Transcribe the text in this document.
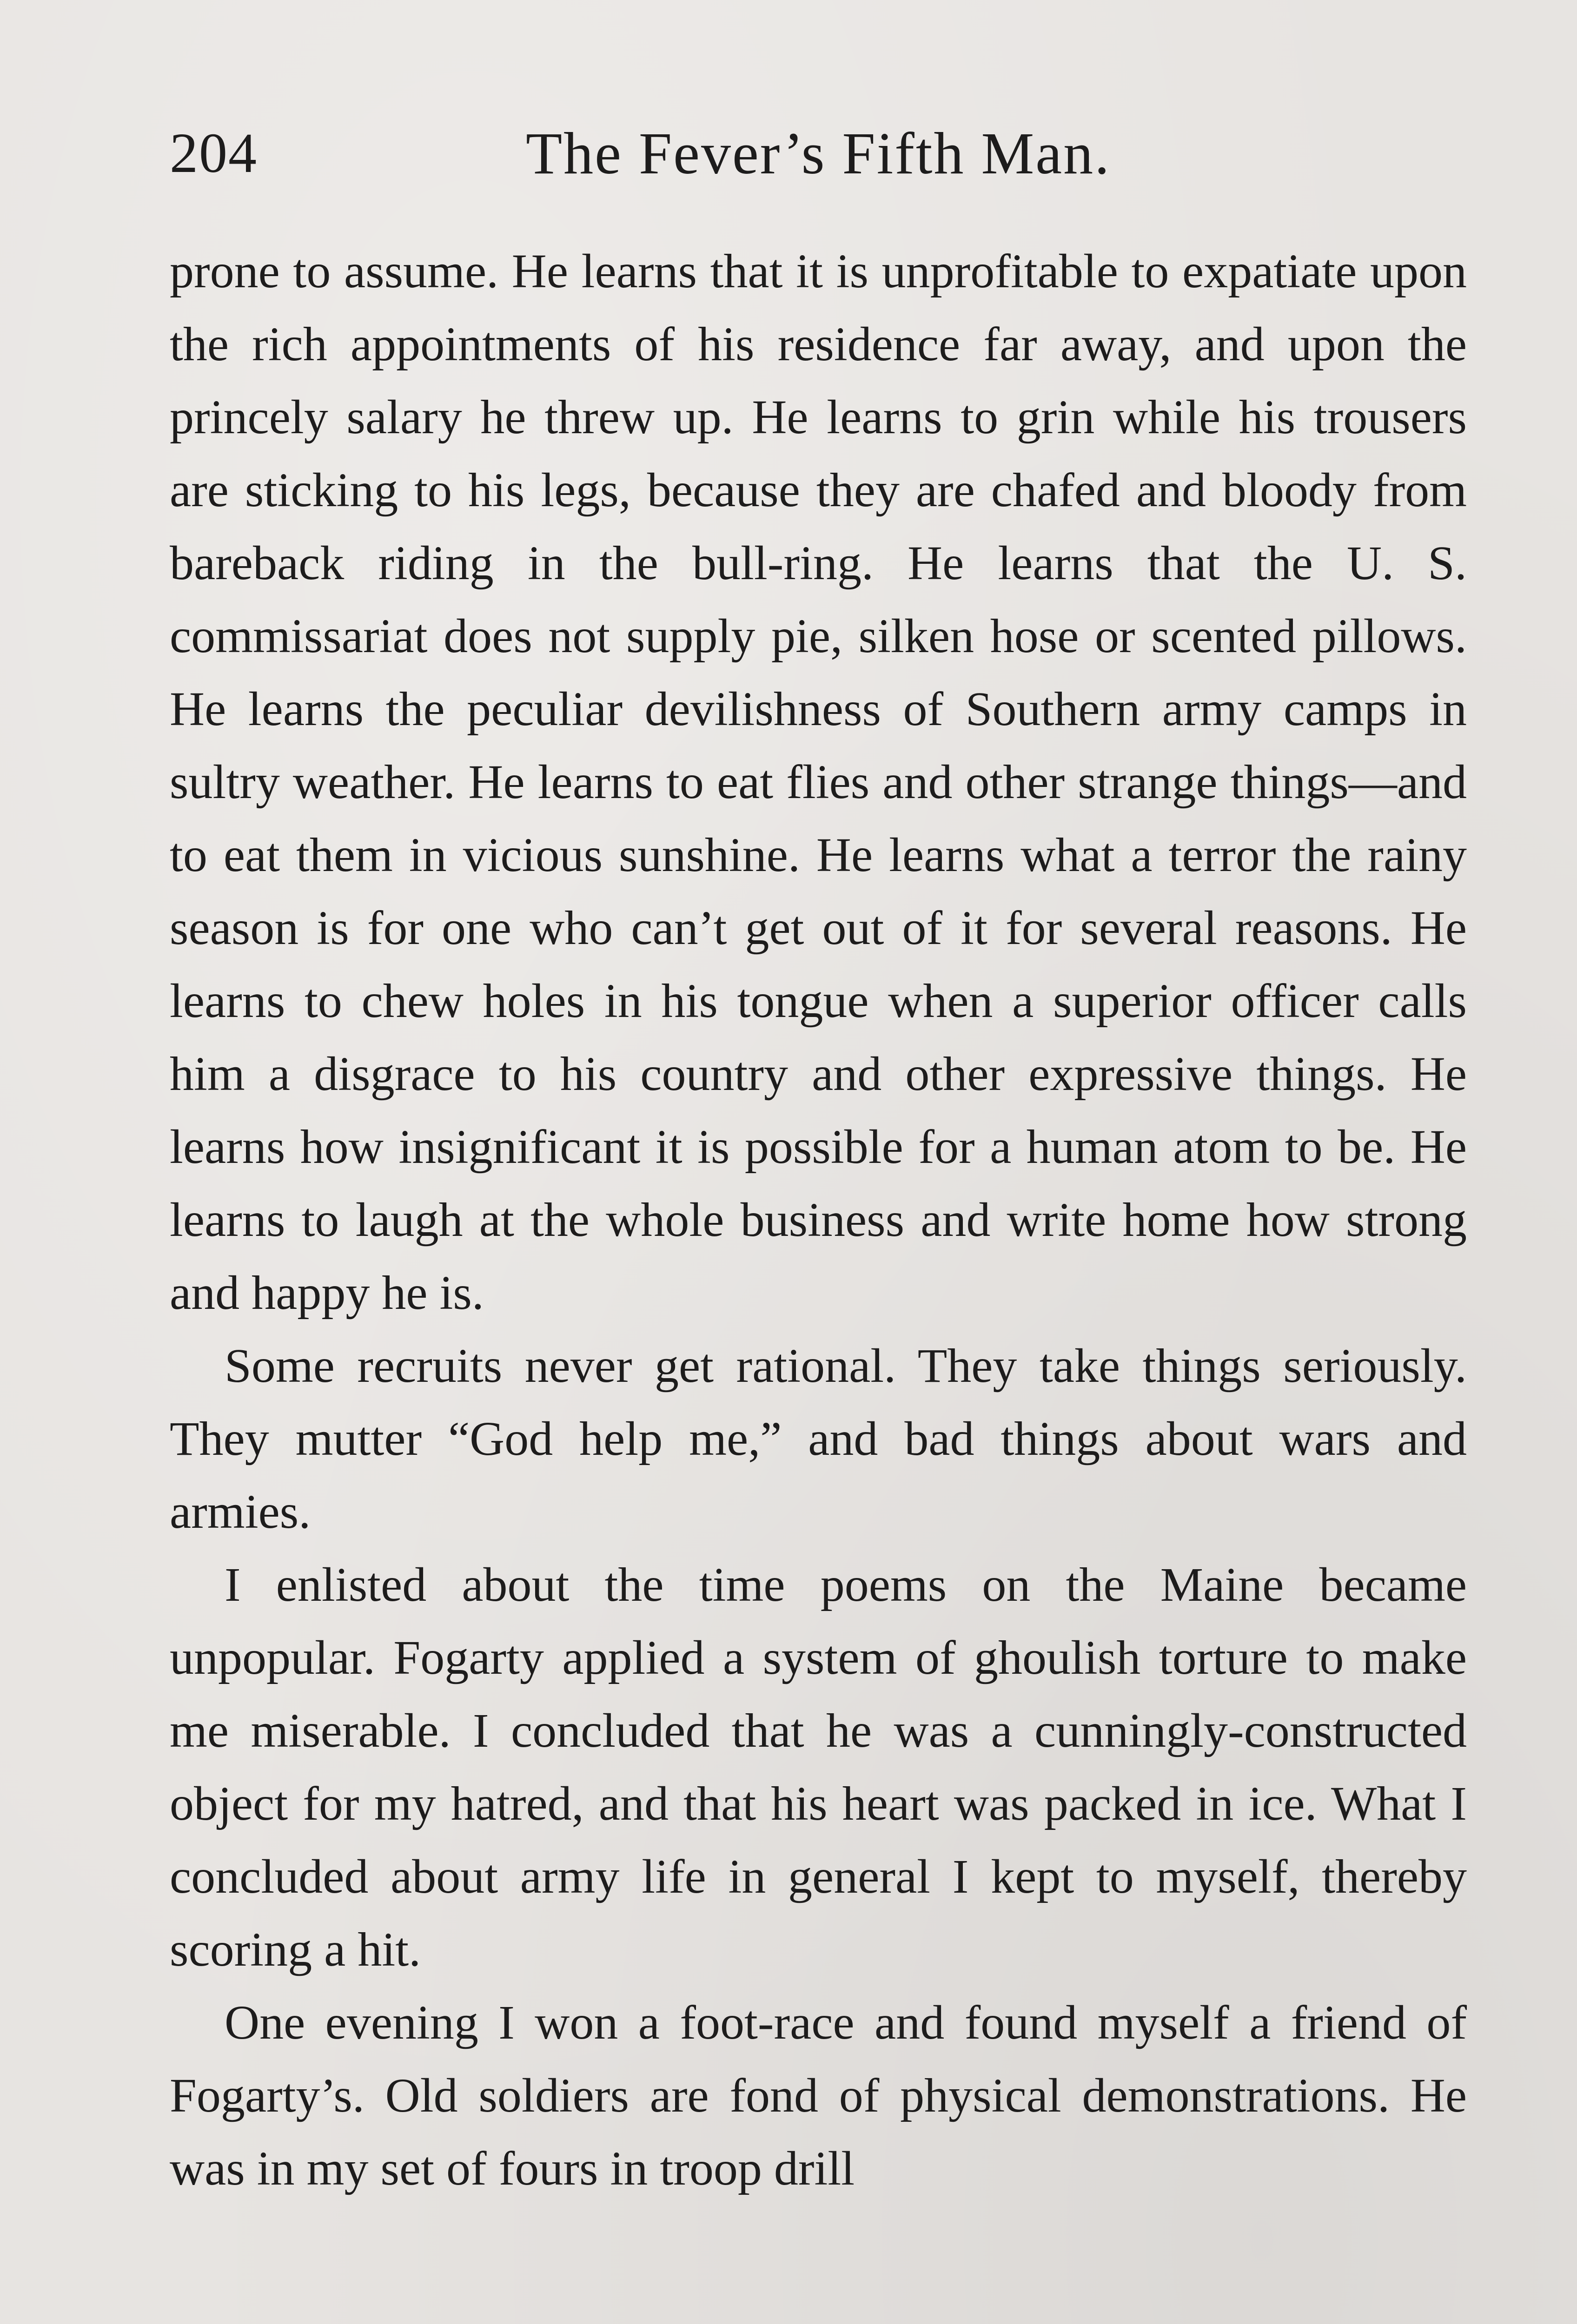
204	The Fever’s Fifth Man.

prone to assume. He learns that it is unprofitable to expatiate upon the rich appointments of his residence far away, and upon the princely salary he threw up. He learns to grin while his trousers are sticking to his legs, because they are chafed and bloody from bareback riding in the bull-ring. He learns that the U. S. commissariat does not supply pie, silken hose or scented pillows. He learns the peculiar devilishness of Southern army camps in sultry weather. He learns to eat flies and other strange things—and to eat them in vicious sunshine. He learns what a terror the rainy season is for one who can’t get out of it for several reasons. He learns to chew holes in his tongue when a superior officer calls him a disgrace to his country and other expressive things. He learns how insignificant it is possible for a human atom to be. He learns to laugh at the whole business and write home how strong and happy he is.

Some recruits never get rational. They take things seriously. They mutter “God help me,” and bad things about wars and armies.

I enlisted about the time poems on the Maine became unpopular. Fogarty applied a system of ghoulish torture to make me miserable. I concluded that he was a cunningly-constructed object for my hatred, and that his heart was packed in ice. What I concluded about army life in general I kept to myself, thereby scoring a hit.

One evening I won a foot-race and found myself a friend of Fogarty’s. Old soldiers are fond of physical demonstrations. He was in my set of fours in troop drill
